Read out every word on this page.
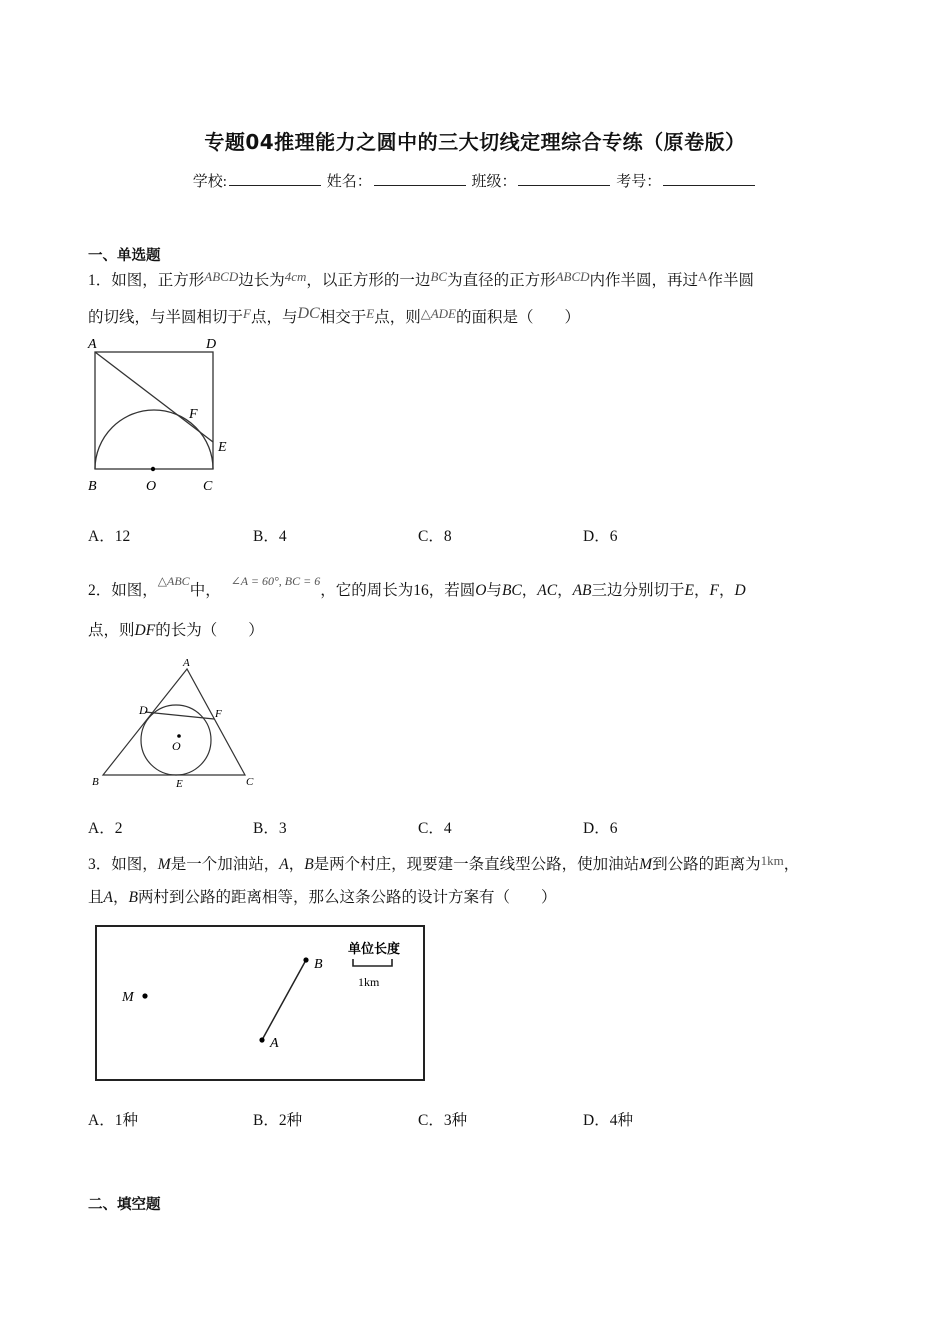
专题04推理能力之圆中的三大切线定理综合专练（原卷版）
学校:	姓名：	班级：	考号：
一、单选题
1．如图，正方形$^{ABCD}$边长为$^{4cm}$，以正方形的一边$^{BC}$为直径的正方形$^{ABCD}$内作半圆，再过$^A$作半圆
的切线，与半圆相切于$^F$点，与DC相交于$^E$点，则$^{\triangle ADE}$的面积是（　　）
A	D
F
E
B	O	C
A．12	B．4	C．8	D．6
2．如图，$^{\triangle ABC}$中，$^{\angle A = 60^\circ, BC = 6}$，它的周长为16，若圆O与BC，AC，AB三边分别切于E，F，D
点，则DF的长为（　　）
A
D	F
O
B	E	C
A．2	B．3	C．4	D．6
3．如图，M是一个加油站，A，B是两个村庄，现要建一条直线型公路，使加油站M到公路的距离为$^{1km}$，
且A，B两村到公路的距离相等，那么这条公路的设计方案有（　　）
M
A
B
单位长度
1km
A．1种	B．2种	C．3种	D．4种
二、填空题
